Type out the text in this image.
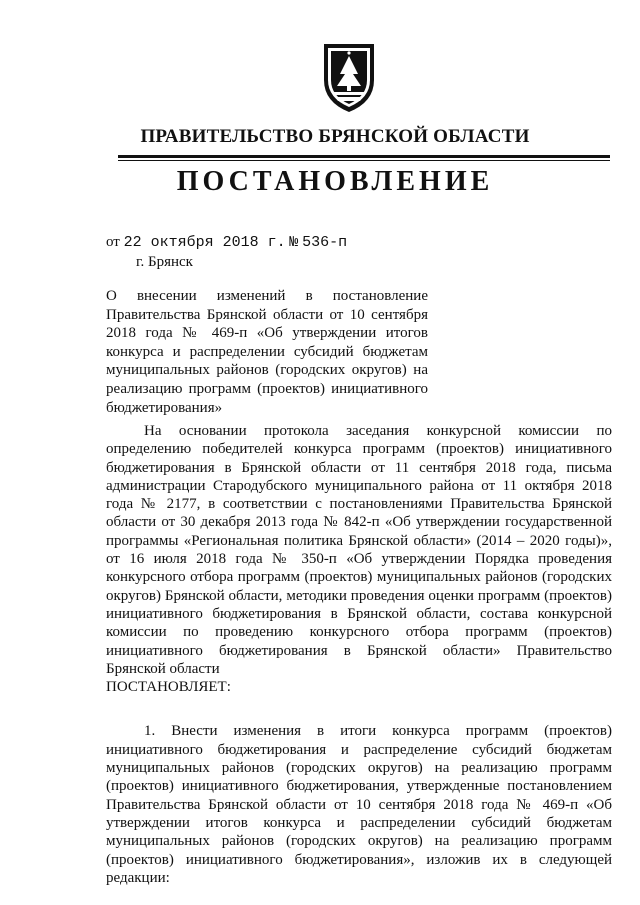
ПРАВИТЕЛЬСТВО БРЯНСКОЙ ОБЛАСТИ
ПОСТАНОВЛЕНИЕ
от 22 октября 2018 г. № 536-п
г. Брянск
О внесении изменений в постановление Правительства Брянской области от 10 сентября 2018 года № 469-п «Об утверждении итогов конкурса и распределении субсидий бюджетам муниципальных районов (городских округов) на реализацию программ (проектов) инициативного бюджетирования»

На основании протокола заседания конкурсной комиссии по определению победителей конкурса программ (проектов) инициативного бюджетирования в Брянской области от 11 сентября 2018 года, письма администрации Стародубского муниципального района от 11 октября 2018 года № 2177, в соответствии с постановлениями Правительства Брянской области от 30 декабря 2013 года № 842-п «Об утверждении государственной программы «Региональная политика Брянской области» (2014 – 2020 годы)», от 16 июля 2018 года № 350-п «Об утверждении Порядка проведения конкурсного отбора программ (проектов) муниципальных районов (городских округов) Брянской области, методики проведения оценки программ (проектов) инициативного бюджетирования в Брянской области, состава конкурсной комиссии по проведению конкурсного отбора программ (проектов) инициативного бюджетирования в Брянской области» Правительство Брянской области

ПОСТАНОВЛЯЕТ:

1. Внести изменения в итоги конкурса программ (проектов) инициативного бюджетирования и распределение субсидий бюджетам муниципальных районов (городских округов) на реализацию программ (проектов) инициативного бюджетирования, утвержденные постановлением Правительства Брянской области от 10 сентября 2018 года № 469-п «Об утверждении итогов конкурса и распределении субсидий бюджетам муниципальных районов (городских округов) на реализацию программ (проектов) инициативного бюджетирования», изложив их в следующей редакции:
